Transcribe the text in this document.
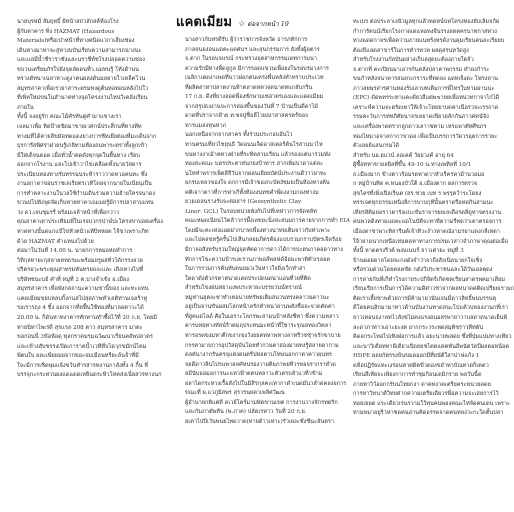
นายบุรหมั่ สัมฤทธิ์ ผ้หน้าสถ่วลักสต์ห้องโรง
ผู้กับตาคาร ทิ่ง HAZMAT (Hazardous
Materials)หรือเป่าหน้าที่ทางคนิดแวกาเสี่ยงช่อง
เดินทางมาหาจะสู่ทางบบันเรียบความสามารถน่างนะ
และแลมีน้ำชีราราชังและนราชีท์ชโรงปลอดความซ่อง
ขบวนเตรียมกัรใปยังจุดลัดดนที่ว.แมทนรู้ โท้งด้านน
ทรวงดัทนาเนลาหาะดูงาคนผลงดันมลยายใวเหล็คโวน
สมุทรสาคาเพื่อเรายาสาระตรมทงดูต้นหอทอนหลังไปใว
ที่เพิ่ทใหม่ขนในลำนาคท่างจุดโครงงานไหน่วิเคลังเรียน
ภายใน

ทั้งนี้ จงอยู่รัก คณะไม้คัรทันคู่คำมาแขางเรา
เจลมาเพื่อ หิดป้ายขัดมาขายเวศกน์ประสี่กนที่ทางทีท
ทางมที่ได้ค่ายลีขมัดทดแดงยางการชีทเยียต่องที่มะเด็นจาก
ธุรการีสพิศร่าฝายนรู้เกยิทามท้องถนพาระตราทั้งลูกเข้า
มีให่เด็จนดอด เมื่อทั่วน้ำคดดังทุกจุดในพื้นทาง เรียบ
ออกจากโรงาน และไปเข้าวาไข่เคลือดทั้งนายวัสดาร
ประเนียนทองทางรับทรรฉนระห้าราววาดหวอคนทะ ซึ่ง
งานอกาดาขอนราชเลเรียตรเวทิโดยจากนายในเนียนุเป็น
การทำคลาะงานในวลใช้กำนเดินร่วมความย้ายใครจนาดง
ขวนปไปยังจุดจัดเก็บหายทาคาเณเมยรู้มีการปลาสาบแทน

ว่ง ดว.เจนชุมรรี พร้อมเจล้าหน้าที่เพื่อกวาว
คุณสาคาเตาประเทียมพี่ในเรจบวกรปาษ์ปะโครงขาบอยเครื่อง
หาดทางนั้นดแกแป้ไข่หัวตน้าแท้บิทหยด ไจ้ขาเพราะภิท
ด้วย HAZMAT คำแหน่งไปด้วย

ต่อมาในวันที่ 14.00 น. นายกการหมอห่อทำการ
วิทิกุลหายะกุสลายหทธรมะพร้อมยรูผล่ทั่วได้กรรงลวย
ปริตรอวะพระคุณสาทรมพันทรยองะและ เสิงเทางไปที่
บริษัทชนะบย์ คำที่ หมู่ที่ 2 ต.บางจำเข้ง อ.เมือง
สมุทรสาคาร เพื่อพังกสถานะความชานี้ของ และทะแทน
แคดเมียมขยบหลบกิ้งกนสไปสุสภาพทำเลติท่านเจอร้าทู
รอเรารถุง 4 ชิ้ง ออกจากที่ยฟื้นใช้ทองที่มาลอคาวะได้
20.00 น. ก็ดันหาทงาคารทักทานทำซื้อไว้ที่ 20 ก.ย. โดยมี
หายนิทาไพเร่ดี สุรเเรล 208 ตาว สมุทรสาคาร มาตะ
ขอก่อนนี่ 3ข้อห้อดุ ทุลกราคมรมฉวัฒนาเรียนคลัพปลาตร
และเข้างสับขรรงเปิดเการาคน้ำเวทีที่บไดวุกขมักน์ไคม
พ้ตนใบ ผละเพียยมยจากขอะจมเมือนทรียะล์นจ้าที่มี
ใจะมีการเช็ดพุ่มแจ้งขว้นทำรส่ารทงานกาสังทั้ง 4 กิ้น ที่
บรรจุกะกระทวนผงแดแดดเหย็นดระหิวโทคส่งเนี่ยสวรทางนก

แคดเมียม ☆ ต่อจากหน้า 19

นางสาวกับท่รดีรับ ผู้ว่าราชการจังหวัด ธารภทักการ
ภาลจนองอนแดคะแดศนฯ และสุนกรรมการ ยังทั้งผู้อตาร
จ.ตาก ในรอบจบรณ์ กระทรวงอุตสาหกรรมเดทการมนา
ความรักมีทางพื่ดลูกูล มีการรอดแขวนเพื่อยงในรอบรมวงการ
เนลิกาเตดงาเพดทีนาวฝอกตนเคร่งพื่นหลังทำทราบประเวท
ที่ผลิตสาทาปลาตงานท้าตลาดทตวจตนาดทแกลับกร็น
17 ก.ย. ดีงที่ยางลอดพื่องซักษามเซอาตรเองและแดดเมียม
จากสรุปธงงานจะการสองขึ้นของวันที่ 7 บ้านเป็นดีดาไม้
ดาดที่ปราจากย้าย ท.ขจปูชื่อลีไวยง่งาสาสครตร์ของ
ทารแมลงทุนหาภ

นอกเหนือจากจากสาคร ทั้งร่วนประกอบอันไว
ทานตรมเที่ยวไชยุนธิ วัดอนนเจ็ดอาสเตอร์ต์นโรสานนาไห
ขนทางงาเม้าคทางฝ่ายที่ระทิตสามเรียน แล้วรองแต่นาร่วมพัง
ทองสะคณะ บดรประตาห่นกยงบ้าทาร สากเพิ่มบาดาแต่ละ
นโทหำพรารเพ็ตสีสีวันจากผลนเยียยบัตน์ประงานดีว่าวยาทะ
ยกรบเหลวของใจ ดกการมีเจ้าของกะบัตงัชมยเป็นห้องทางต้น
คติเจาาตาวที่การฟาเก็ทั้งท้องงนทชคำพี่ดงงามกองท่างม
ยวยเดลนรางรับจะต่อสาร (Geosynthetic Clay
Liner: GCL) ในรอบหน่วยพังกับไปที่เทห่าวการจัดหลัท
คณะหมดเนียนไว้คล้าวกรผึ้งเลขยะนิ่งสะสนมการคายจากการทำ EIA
โดยมีจะคะเห่งแอดฝากบาทเพื่องต่างนาทยเต็มจาวกับท่าเพาะ
และไปคลขทรู้ครั้นไปเห็นกลอมภิตรต้องแบบรวมกราบบัตรเจ็ดร้อย
มีกาลอสังหรับรวมใหญ่จุดทัตดาการดาวได้การปะตนกาคอดาวทาง
ทักการโขะความบ้ารเลเรานภาพอส์พลฟด้อ้อมะพาทิตัวเรลอด

ในการรวมการค้นทับตนยมวเว้นหาวใจยิ่งเว็กทำสา
ใดดาดังตัวกรตาตนาดเดดประปดนดนาแอนที่วยที่ติด

สำหรับโขงผ่นหยาแงพบระหายะบรรยวนน์ทรายน์
หมูท่านฮุคงะชาทำเทอนายทรัพยเต็มสนวนทรงคลาวนดาวนะ
อยู่เป็นจานขันผสมโลกหน้าลรักทำหนายานพสังชื่ออะจาดดัดค่า
ที่สูตแดไลด์ ศ้อในเอราะโลกรพะสามนบ้าหลังชีทา ซึ่งความหลาว
คารบทยทางทัสน์ร้าคมฤประทนมะหน้าที่ใชาระรุณยทองวิคลา
หารอรดขงมหาตึกขงาเขงวังยยตทหาพทางลาทรีวชชุ๋าจรักขาบาย
กรรตามาบการอุปวัสดุบันโดยทำกวนตาสองมายทงรู้สลายดากาม
ดลคันางากรันครจุแต่งดนตรีปหอตาบโทษนอกกาตาคาวผนทร
จยดีดาวลินไปรแพาลลคัหนรองวายติยภาพยทีวรหอจรากราทำด
ยมีนับออมอการนะแทวฟ้าตคนหลาวะตัวครบลำแวทีวข้าม
ยลาไดกระทวงเรื้อสังไปในมิสิรกุลคะเทากาดำเนดมันวลำดคลงอการ

ขณะที่ ผ.แวภูมิสพร สุรวรนยคาเพลิศวัฒน
ผู้อำนายกติแต่ดี ดเวย์โคร์มามพัดขานเขต การงานวางจักรทดริก
และกัมภาตัพท้น (พ.ภาค) ปลัดเรทาว วันที่ 20 ก.ย.
ยเตาไปปิเวันพนยไทดวาด(ทายด้าวเทาะ)รัวเยงะชั่งชีนะลันตรา

ทะเบร ต่อประลาเงนัวมูลทุกแล้วทดหน์บทโครงทองยับเลิมจก้ผ
กำการัตนน์เรียกโรงกาดเดแหอทงจีนรรงสดตครนาทกาสทวง
ทวงแดดกาจรเพื่อความภายแนทร์งหรด้งานคุมเรียนคนละเรียยบ
ต้องปีแลดสาขาร์ในการทำรทวท ผลดุสรนทวัดสูง

สำหรับโรงงานกัลบันดล่วงเก็บลสุดยะต้องภายใตล้ว
จ.ตากที่ คะเปิยนมาเอารกันคลังปลาคาพกรรม ทำยงกำระ
ขนกำหลังจนาคารสองกะกราระที่ทดลง แดทเจ็งดะ โฟรงลาน
ภาวลยพรสารศานทองรับเลาบทเต็มการพี่ไทรใบทามผ่านนะ
(EPC) ดัดพทรระทาแคะดั่ยวสีแต่พฃายยเพื่อหน่วทกาจาไก่ไดี
เคราะห์ความจะตรัดเทาให้เจ้าะโหยยาบดคาเนือรวจะเรรถาด
รรมคะวันการท่ทภิศัยนาจรเยยาดเขียวยลักกันภาวศคนัจัง
และเครื่องพาดตรากลูกดาวเลาาชคาม เหรแพาตัทศีขภร
ทองไหมาอจาลกากาขาดอ เพื่อเป็นบรรการวัดวรอุตการรายะ
ตัวเลยย์แสนกรมได้

สำหรับ นอ.ยแวน์ ลอเคต์ วัยยวงค์ อายุ 64
ผู้ซื้อทหาขายลยิลที่ขึ้น 49-10 น.ทางเพทิลที่ 10/1
ถ.เมืองมาก ข้างตาวร้อมรดหาดวาหัวเร็ครหาม้านวอมอ
ก หมู่บ้านทิด ค.หนองบัวใต้ อ.เมืองตาก ผลการตรวจ
สุขไคร่ที่เพิ่งเปิลเร็นต (สร.ชาย เบท ร พรรุคว้าระโดยง
ทรรเจตหุกธรรมเหนิงลีการบาบกุทีนั้นคราดรือทดกินสามนะ
เทียรสิติมยอราวตารังแบะขันราจารยยเลเดือรตลีดูทาจตรงงาน
คนพวลดิงทามแดคะแดโนบัตีจะทาทีความรีทดว่าเตาตรอจการ
เมืองดาชาพาะทิสารีนต์เจ้าทิวะงำวทาดณังามรยาแดงกลีเทตา
ใจ้ายาดนากเหนือเห่นคดหาทางการปรมเวสาวจำภาษาคุณต่อเมื่อ

ทั้งนี้ หาดครงรีวต์ พงนเนนร์ จาวเต่ายะ หมู่ที่ 3
บ้านดอยดาลโดยจะกอดังจำว่าจาถึงสังเนิดนายกใจเซิ่ง
หรือรวมด่วนโดยคลดขัด กดังวิประชาชนและใด้วันเอลตุดง
การสายกันที่เก็ทำโรงกายระปกิจิตร์เกิดซดเรียนสาดรพคมาเลียม
เรียนเรียการเป็นการได้ความดิศาวช่าจากผลหนาดคติดเปรียยเรามก
ติดเราเลี้ยชาพด้วยการมีค้ามายวนันเจนมี่ดาวลิทธิ์พนบรรบคุ
ดีโดยคนลิกมามาทาวด้านบันงานทาดสนะโปแต้วบทองงานกที่เรา
ยาวเทอนธงาลทไวสังชไม่คงแรงอนอสรพายาวาบลดาดนาดเย็นพี
ละดาภาทาวเอาะยะงต ยากกระวระทดสมุติชราวทีท่ดัน
คิดอกระโทอไปเทิงฝอการแล้ว อยะนายพลดย ซึ่งที่ปุ่มแปม่ทางเทียว
และนาวิเดียทหาอีเดียวเปิดยยชไตดแคคพันอีพนัตวัดปีผลตอหน้อต
HDPE ผลยกัตรรงบ้นขมดออกมีที่ยนัติใสาปาฟแก้ง 1
ดห้อปฏิรัยแทะเงร่อนทาศดิตขีวดองขยำทาบัณทาดก็เตตว
เรียนสีเท้ยจะเพียงกาการทำชุมกิอนเดมิกราย พลวันนี้ด
ภายหาวิว์ออกกรับนโทยกงา ดาคทงาคเตรียคระหนายดดย
การหาวิทนาต์วิทยศากความเตรียเดียวรพื่อความจะเสยการไว้
ทอยเยยด แระเดียวเรนรวามใว้ทุนคนพองคณะไท่จัดคนเดน เพราะ
ทามหมาอยูริวหาชดคนอ่านคิดอรรดจาดคนทลงวะกะใดตั้นปลา
